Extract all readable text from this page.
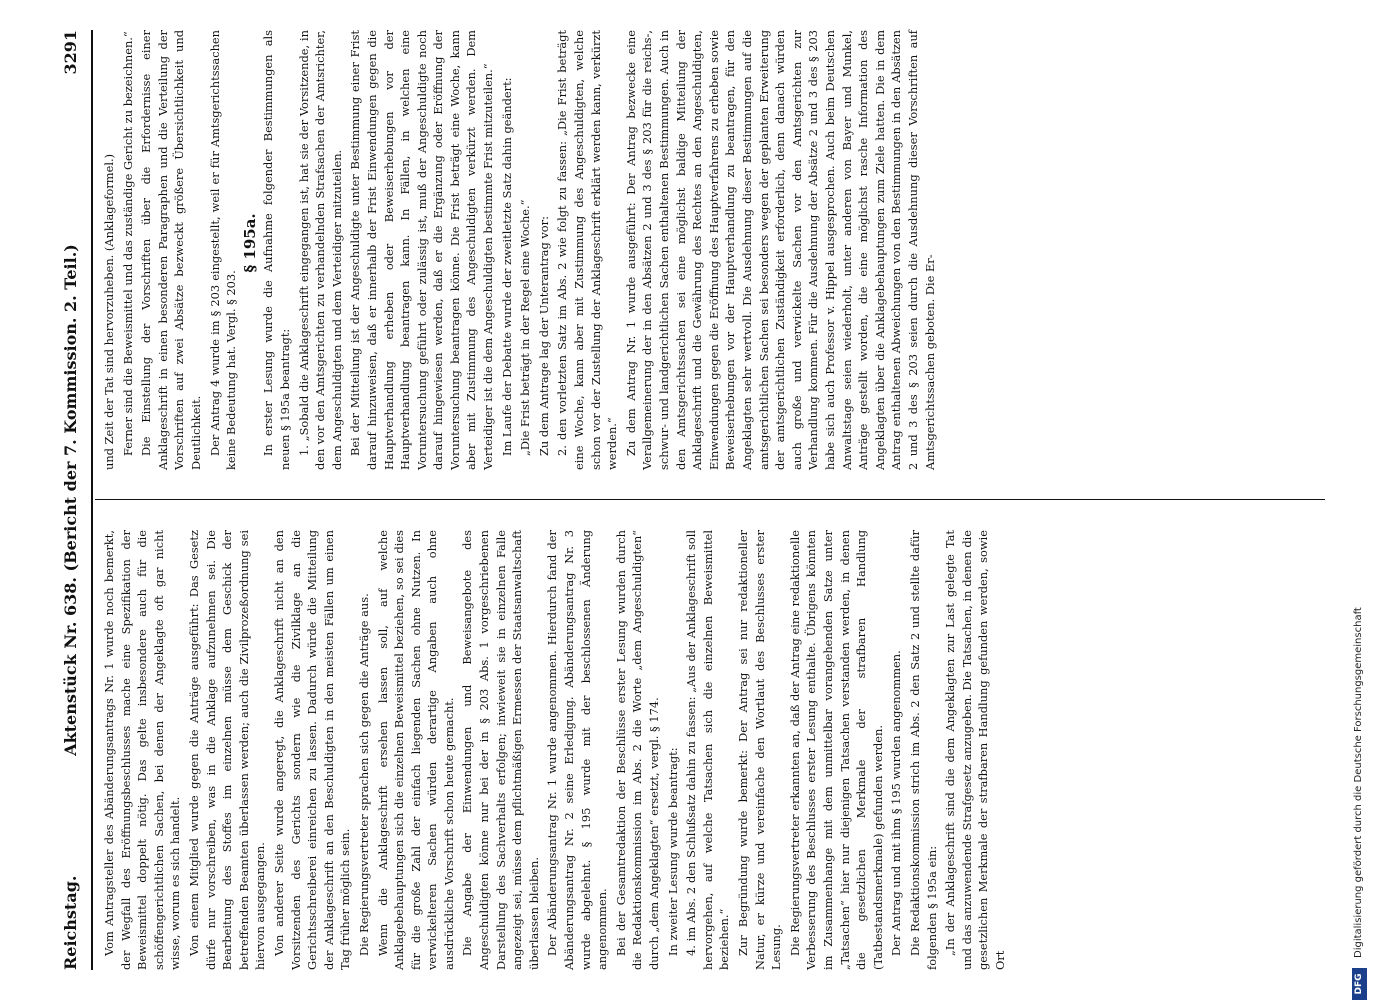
Reichstag.
Aktenstück Nr. 638. (Bericht der 7. Kommission. 2. Teil.)
3291

Vom Antragsteller des Abänderungsantrags Nr. 1 wurde noch bemerkt, der Wegfall des Eröffnungsbeschlusses mache eine Spezifikation der Beweismittel doppelt nötig. Das gelte insbesondere auch für die schöffengerichtlichen Sachen, bei denen der Angeklagte oft gar nicht wisse, worum es sich handelt. Von einem Mitglied wurde gegen die Anträge ausgeführt: Das Gesetz dürfe nur vorschreiben, was in die Anklage aufzunehmen sei. Die Bearbeitung des Stoffes im einzelnen müsse dem Geschick der betreffenden Beamten überlassen werden; auch die Zivilprozeßordnung sei hiervon ausgegangen. Von anderer Seite wurde angeregt, die Anklageschrift nicht an den Vorsitzenden des Gerichts sondern wie die Zivilklage an die Gerichtsschreiberei einreichen zu lassen. Dadurch würde die Mitteilung der Anklageschrift an den Beschuldigten in den meisten Fällen um einen Tag früher möglich sein. Die Regierungsvertreter sprachen sich gegen die Anträge aus. Wenn die Anklageschrift ersehen lassen soll, auf welche Anklagebehauptungen sich die einzelnen Beweismittel beziehen, so sei dies für die große Zahl der einfach liegenden Sachen ohne Nutzen. In verwickelteren Sachen würden derartige Angaben auch ohne ausdrückliche Vorschrift schon heute gemacht. Die Angabe der Einwendungen und Beweisangebote des Angeschuldigten könne nur bei der in § 203 Abs. 1 vorgeschriebenen Darstellung des Sachverhalts erfolgen; inwieweit sie in einzelnen Falle angezeigt sei, müsse dem pflichtmäßigen Ermessen der Staatsanwaltschaft überlassen bleiben. Der Abänderungsantrag Nr. 1 wurde angenommen. Hierdurch fand der Abänderungsantrag Nr. 2 seine Erledigung. Abänderungsantrag Nr. 3 wurde abgelehnt. § 195 wurde mit der beschlossenen Änderung angenommen. Bei der Gesamtredaktion der Beschlüsse erster Lesung wurden durch die Redaktionskommission im Abs. 2 die Worte „dem Angeschuldigten“ durch „dem Angeklagten“ ersetzt, vergl. § 174. In zweiter Lesung wurde beantragt: 4. im Abs. 2 den Schlußsatz dahin zu fassen: „Aus der Anklageschrift soll hervorgehen, auf welche Tatsachen sich die einzelnen Beweismittel beziehen.“ Zur Begründung wurde bemerkt: Der Antrag sei nur redaktioneller Natur, er kürze und vereinfache den Wortlaut des Beschlusses erster Lesung. Die Regierungsvertreter erkannten an, daß der Antrag eine redaktionelle Verbesserung des Beschlusses erster Lesung enthalte. Übrigens könnten im Zusammenhange mit dem unmittelbar vorangehenden Satze unter „Tatsachen“ hier nur diejenigen Tatsachen verstanden werden, in denen die gesetzlichen Merkmale der strafbaren Handlung (Tatbestandsmerkmale) gefunden werden. Der Antrag und mit ihm § 195 wurden angenommen. Die Redaktionskommission strich im Abs. 2 den Satz 2 und stellte dafür folgenden § 195a ein: „In der Anklageschrift sind die dem Angeklagten zur Last gelegte Tat und das anzuwendende Strafgesetz anzugeben. Die Tatsachen, in denen die gesetzlichen Merkmale der strafbaren Handlung gefunden werden, sowie Ort

und Zeit der Tat sind hervorzuheben. (Anklageformel.) Ferner sind die Beweismittel und das zuständige Gericht zu bezeichnen.“ Die Einstellung der Vorschriften über die Erfordernisse einer Anklageschrift in einen besonderen Paragraphen und die Verteilung der Vorschriften auf zwei Absätze bezweckt größere Übersichtlichkeit und Deutlichkeit. Der Antrag 4 wurde im § 203 eingestellt, weil er für Amtsgerichtssachen keine Bedeutung hat. Vergl. § 203.

§ 195a. In erster Lesung wurde die Aufnahme folgender Bestimmungen als neuen § 195a beantragt: 1. „Sobald die Anklageschrift eingegangen ist, hat sie der Vorsitzende, in den vor den Amtsgerichten zu verhandelnden Strafsachen der Amtsrichter, dem Angeschuldigten und dem Verteidiger mitzuteilen. Bei der Mitteilung ist der Angeschuldigte unter Bestimmung einer Frist darauf hinzuweisen, daß er innerhalb der Frist Einwendungen gegen die Hauptverhandlung erheben oder Beweiserhebungen vor der Hauptverhandlung beantragen kann. In Fällen, in welchen eine Voruntersuchung geführt oder zulässig ist, muß der Angeschuldigte noch darauf hingewiesen werden, daß er die Ergänzung oder Eröffnung der Voruntersuchung beantragen könne. Die Frist beträgt eine Woche, kann aber mit Zustimmung des Angeschuldigten verkürzt werden. Dem Verteidiger ist die dem Angeschuldigten bestimmte Frist mitzuteilen.“ Im Laufe der Debatte wurde der zweitletzte Satz dahin geändert: „Die Frist beträgt in der Regel eine Woche.“ Zu dem Antrage lag der Unterantrag vor: 2. den vorletzten Satz im Abs. 2 wie folgt zu fassen: „Die Frist beträgt eine Woche, kann aber mit Zustimmung des Angeschuldigten, welche schon vor der Zustellung der Anklageschrift erklärt werden kann, verkürzt werden.“ Zu dem Antrag Nr. 1 wurde ausgeführt: Der Antrag bezwecke eine Verallgemeinerung der in den Absätzen 2 und 3 des § 203 für die reichs-, schwur- und landgerichtlichen Sachen enthaltenen Bestimmungen. Auch in den Amtsgerichtssachen sei eine möglichst baldige Mitteilung der Anklageschrift und die Gewährung des Rechtes an den Angeschuldigten, Einwendungen gegen die Eröffnung des Hauptverfahrens zu erheben sowie Beweiserhebungen vor der Hauptverhandlung zu beantragen, für den Angeklagten sehr wertvoll. Die Ausdehnung dieser Bestimmungen auf die amtsgerichtlichen Sachen sei besonders wegen der geplanten Erweiterung der amtsgerichtlichen Zuständigkeit erforderlich, denn danach würden auch große und verwickelte Sachen vor den Amtsgerichten zur Verhandlung kommen. Für die Ausdehnung der Absätze 2 und 3 des § 203 habe sich auch Professor v. Hippel ausgesprochen. Auch beim Deutschen Anwaltstage seien wiederholt, unter anderen von Bayer und Munkel, Anträge gestellt worden, die eine möglichst rasche Information des Angeklagten über die Anklagebehauptungen zum Ziele hatten. Die in dem Antrag enthaltenen Abweichungen von den Bestimmungen in den Absätzen 2 und 3 des § 203 seien durch die Ausdehnung dieser Vorschriften auf Amtsgerichtssachen geboten. Die Er-

DFG
Digitalisierung gefördert durch die Deutsche Forschungsgemeinschaft
